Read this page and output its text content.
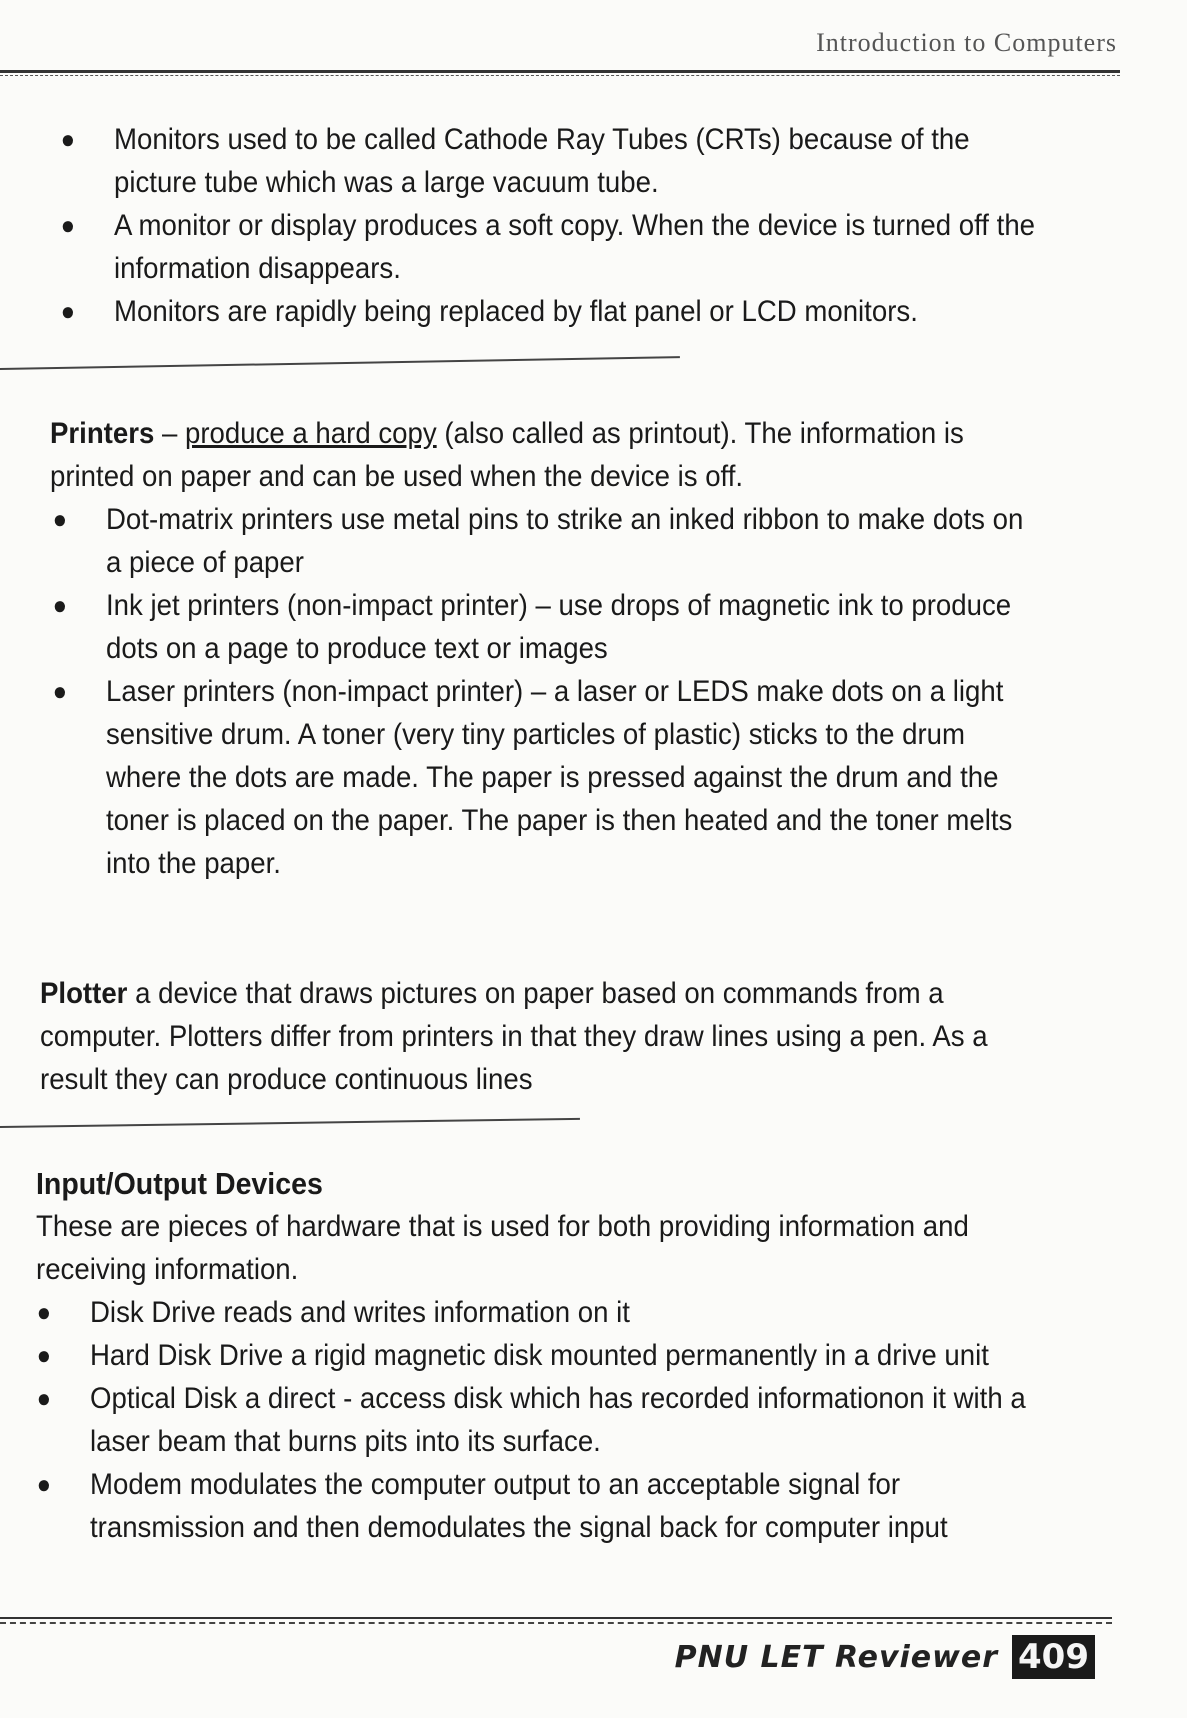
Introduction to Computers
● Monitors used to be called Cathode Ray Tubes (CRTs) because of the picture tube which was a large vacuum tube.
● A monitor or display produces a soft copy. When the device is turned off the information disappears.
● Monitors are rapidly being replaced by flat panel or LCD monitors.

Printers – produce a hard copy (also called as printout). The information is printed on paper and can be used when the device is off.

● Dot-matrix printers use metal pins to strike an inked ribbon to make dots on a piece of paper
● Ink jet printers (non-impact printer) – use drops of magnetic ink to produce dots on a page to produce text or images
● Laser printers (non-impact printer) – a laser or LEDS make dots on a light sensitive drum. A toner (very tiny particles of plastic) sticks to the drum where the dots are made. The paper is pressed against the drum and the toner is placed on the paper. The paper is then heated and the toner melts into the paper.

Plotter a device that draws pictures on paper based on commands from a computer. Plotters differ from printers in that they draw lines using a pen. As a result they can produce continuous lines

Input/Output Devices

These are pieces of hardware that is used for both providing information and receiving information.

● Disk Drive reads and writes information on it
● Hard Disk Drive a rigid magnetic disk mounted permanently in a drive unit
● Optical Disk a direct - access disk which has recorded informationon it with a laser beam that burns pits into its surface.
● Modem modulates the computer output to an acceptable signal for transmission and then demodulates the signal back for computer input
PNU LET Reviewer 409
